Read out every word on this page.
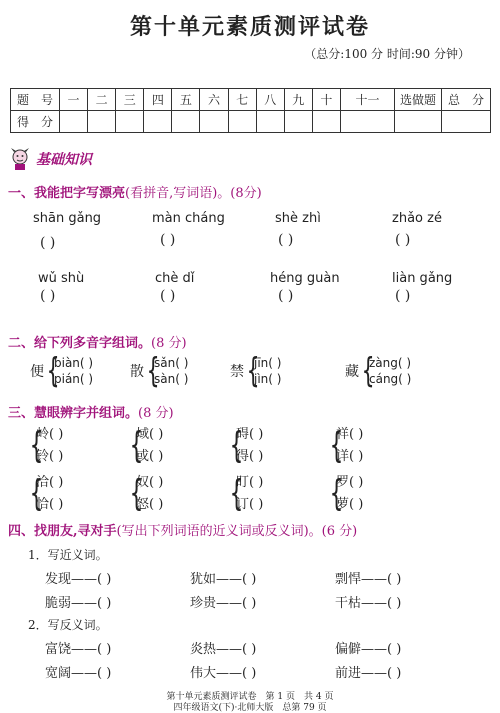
第十单元素质测评试卷
（总分:100 分 时间:90 分钟）
题　号	一	二	三	四	五	六	七	八	九	十	十一	选做题	总　分
得　分													
基础知识
一、我能把字写漂亮(看拼音,写词语)。(8分)
shān gǎng	màn cháng	shè zhì	zhǎo zé
( )	( )	( )	( )
wǔ shù	chè dǐ	héng guàn	liàn gǎng
( )	( )	( )	( )
二、给下列多音字组词。(8 分)
便 {
biàn( )
pián( )	散 {
sǎn( )
sàn( )	禁 {
jīn( )
jìn( )	藏 {
zàng( )
cáng( )
三、慧眼辨字并组词。(8 分)
{
岭( )
铃( ) {
域( )
或( ) {
碍( )
得( ) {
祥( )
详( )
{
洽( )
恰( ) {
奴( )
怒( ) {
盯( )
订( ) {
罗( )
萝( )
四、找朋友,寻对手(写出下列词语的近义词或反义词)。(6 分)
1．写近义词。
发现——( )	犹如——( )	剽悍——( )
脆弱——( )	珍贵——( )	干枯——( )
2．写反义词。
富饶——( )	炎热——( )	偏僻——( )
宽阔——( )	伟大——( )	前进——( )
第十单元素质测评试卷　第 1 页　共 4 页
四年级语文(下)·北师大版　总第 79 页
